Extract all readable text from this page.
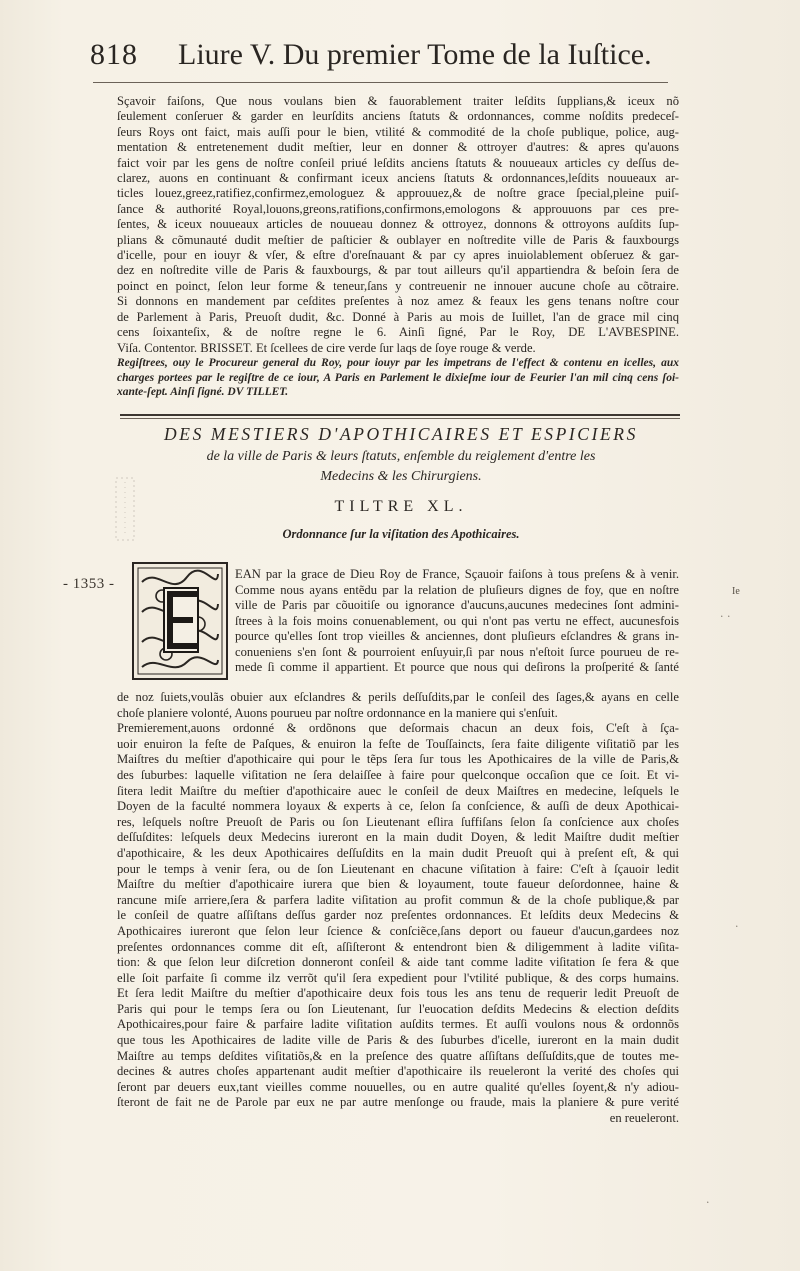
818 Liure V. Du premier Tome de la Iuſtice.

Sçavoir faiſons, Que nous voulans bien & fauorablement traiter leſdits ſupplians,& iceux nõ
ſeulement conſeruer & garder en leurſdits anciens ſtatuts & ordonnances, comme noſdits predeceſ-
ſeurs Roys ont faict, mais auſſi pour le bien, vtilité & commodité de la choſe publique, police, aug-
mentation & entretenement dudit meſtier, leur en donner & ottroyer d'autres: & apres qu'auons
faict voir par les gens de noſtre conſeil priué leſdits anciens ſtatuts & nouueaux articles cy deſſus de-
clarez, auons en continuant & confirmant iceux anciens ſtatuts & ordonnances,leſdits nouueaux ar-
ticles louez,greez,ratifiez,confirmez,emologuez & approuuez,& de noſtre grace ſpecial,pleine puiſ-
ſance & authorité Royal,louons,greons,ratifions,confirmons,emologons & approuuons par ces pre-
ſentes, & iceux nouueaux articles de nouueau donnez & ottroyez, donnons & ottroyons auſdits ſup-
plians & cõmunauté dudit meſtier de paſticier & oublayer en noſtredite ville de Paris & fauxbourgs
d'icelle, pour en iouyr & vſer, & eſtre d'oreſnauant & par cy apres inuiolablement obſeruez & gar-
dez en noſtredite ville de Paris & fauxbourgs, & par tout ailleurs qu'il appartiendra & beſoin ſera de
poinct en poinct, ſelon leur forme & teneur,ſans y contreuenir ne innouer aucune choſe au cõtraire.

Si donnons en mandement par ceſdites preſentes à noz amez & feaux les gens tenans noſtre cour
de Parlement à Paris, Preuoſt dudit, &c. Donné à Paris au mois de Iuillet, l'an de grace mil cinq
cens ſoixanteſix, & de noſtre regne le 6. Ainſi ſigné, Par le Roy, DE L'AVBESPINE.
Viſa. Contentor. BRISSET. Et ſcellees de cire verde ſur laqs de ſoye rouge & verde.

Regiſtrees, ouy le Procureur general du Roy, pour iouyr par les impetrans de l'effect & contenu en icelles, aux
charges portees par le regiſtre de ce iour, A Paris en Parlement le dixieſme iour de Feurier l'an mil cinq cens ſoi-
xante-ſept. Ainſi ſigné. DV TILLET.

DES MESTIERS D'APOTHICAIRES ET ESPICIERS
de la ville de Paris & leurs ſtatuts, enſemble du reiglement d'entre les
Medecins & les Chirurgiens.
TILTRE XL.
Ordonnance ſur la viſitation des Apothicaires.
- 1353 -	Ie
EAN par la grace de Dieu Roy de France, Sçauoir faiſons à tous preſens & à venir.
Comme nous ayans entẽdu par la relation de pluſieurs dignes de foy, que en noſtre
ville de Paris par cõuoitiſe ou ignorance d'aucuns,aucunes medecines ſont admini-
ſtrees à la fois moins conuenablement, ou qui n'ont pas vertu ne effect, aucunesfois
pource qu'elles ſont trop vieilles & anciennes, dont pluſieurs eſclandres & grans in-
conueniens s'en ſont & pourroient enſuyuir,ſi par nous n'eſtoit ſurce pourueu de re-
mede ſi comme il appartient. Et pource que nous qui deſirons la proſperité & ſanté
de noz ſuiets,voulãs obuier aux eſclandres & perils deſſuſdits,par le conſeil des ſages,& ayans en celle
choſe planiere volonté, Auons pourueu par noſtre ordonnance en la maniere qui s'enſuit.
Premierement,auons ordonné & ordõnons que deſormais chacun an deux fois, C'eſt à ſça-
uoir enuiron la feſte de Paſques, & enuiron la feſte de Touſſaincts, ſera faite diligente viſitatiõ par les
Maiſtres du meſtier d'apothicaire qui pour le tẽps ſera ſur tous les Apothicaires de la ville de Paris,&
des ſuburbes: laquelle viſitation ne ſera delaiſſee à faire pour quelconque occaſion que ce ſoit. Et vi-
ſitera ledit Maiſtre du meſtier d'apothicaire auec le conſeil de deux Maiſtres en medecine, leſquels le
Doyen de la faculté nommera loyaux & experts à ce, ſelon ſa conſcience, & auſſi de deux Apothicai-
res, leſquels noſtre Preuoſt de Paris ou ſon Lieutenant eſlira ſuffiſans ſelon ſa conſcience aux choſes
deſſuſdites: leſquels deux Medecins iureront en la main dudit Doyen, & ledit Maiſtre dudit meſtier
d'apothicaire, & les deux Apothicaires deſſuſdits en la main dudit Preuoſt qui à preſent eſt, & qui
pour le temps à venir ſera, ou de ſon Lieutenant en chacune viſitation à faire: C'eſt à ſçauoir ledit
Maiſtre du meſtier d'apothicaire iurera que bien & loyaument, toute faueur deſordonnee, haine &
rancune miſe arriere,ſera & parfera ladite viſitation au profit commun & de la choſe publique,& par
le conſeil de quatre aſſiſtans deſſus garder noz preſentes ordonnances. Et leſdits deux Medecins &
Apothicaires iureront que ſelon leur ſcience & conſciẽce,ſans deport ou faueur d'aucun,gardees noz
preſentes ordonnances comme dit eſt, aſſiſteront & entendront bien & diligemment à ladite viſita-
tion: & que ſelon leur diſcretion donneront conſeil & aide tant comme ladite viſitation ſe fera & que
elle ſoit parfaite ſi comme ilz verrõt qu'il ſera expedient pour l'vtilité publique, & des corps humains.
Et ſera ledit Maiſtre du meſtier d'apothicaire deux fois tous les ans tenu de requerir ledit Preuoſt de
Paris qui pour le temps ſera ou ſon Lieutenant, ſur l'euocation deſdits Medecins & election deſdits
Apothicaires,pour faire & parfaire ladite viſitation auſdits termes. Et auſſi voulons nous & ordonnõs
que tous les Apothicaires de ladite ville de Paris & des ſuburbes d'icelle, iureront en la main dudit
Maiſtre au temps deſdites viſitatiõs,& en la preſence des quatre aſſiſtans deſſuſdits,que de toutes me-
decines & autres choſes appartenant audit meſtier d'apothicaire ils reueleront la verité des choſes qui
ſeront par deuers eux,tant vieilles comme nouuelles, ou en autre qualité qu'elles ſoyent,& n'y adiou-
ſteront de fait ne de Parole par eux ne par autre menſonge ou fraude, mais la planiere & pure verité
en reueleront.
· ·
·
·
